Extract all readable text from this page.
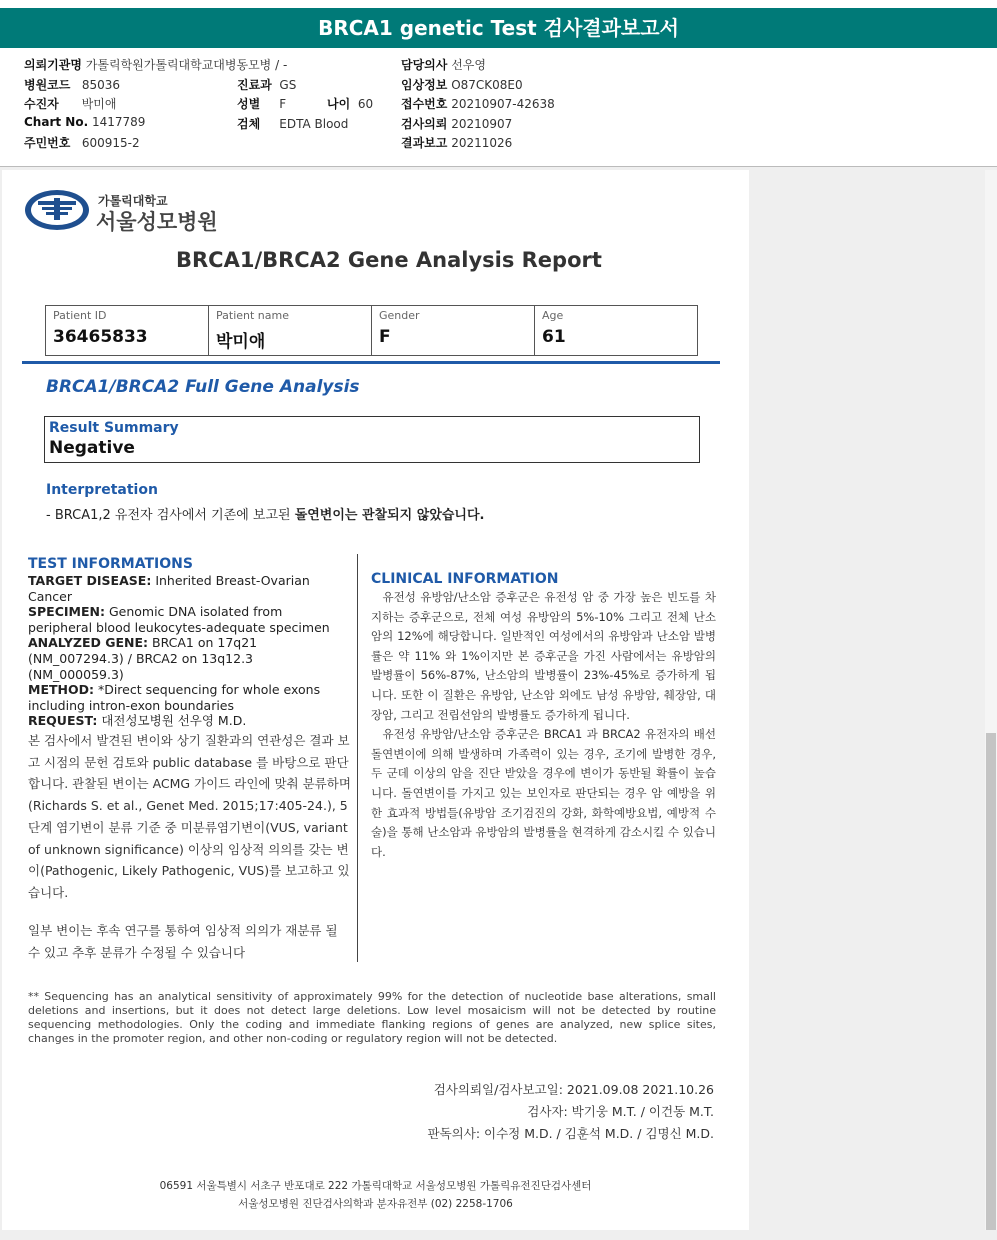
BRCA1 genetic Test 검사결과보고서
의뢰기관명 가톨릭학원가톨릭대학교대병동모병 / -
병원코드 85036
수진자 박미애
Chart No. 1417789
주민번호 600915-2
진료과 GS
성별 F	나이 60
검체 EDTA Blood
담당의사 선우영
임상정보 O87CK08E0
접수번호 20210907-42638
검사의뢰 20210907
결과보고 20211026
가톨릭대학교
서울성모병원
BRCA1/BRCA2 Gene Analysis Report
Patient ID
36465833
Patient name
박미애
Gender
F
Age
61
BRCA1/BRCA2 Full Gene Analysis
Result Summary
Negative
Interpretation
- BRCA1,2 유전자 검사에서 기존에 보고된 돌연변이는 관찰되지 않았습니다.
TEST INFORMATIONS
TARGET DISEASE: Inherited Breast-Ovarian Cancer
SPECIMEN: Genomic DNA isolated from peripheral blood leukocytes-adequate specimen
ANALYZED GENE: BRCA1 on 17q21 (NM_007294.3) / BRCA2 on 13q12.3 (NM_000059.3)
METHOD: *Direct sequencing for whole exons including intron-exon boundaries
REQUEST: 대전성모병원 선우영 M.D.
본 검사에서 발견된 변이와 상기 질환과의 연관성은 결과 보고 시점의 문헌 검토와 public database 를 바탕으로 판단합니다. 관찰된 변이는 ACMG 가이드 라인에 맞춰 분류하며(Richards S. et al., Genet Med. 2015;17:405-24.), 5 단계 염기변이 분류 기준 중 미분류염기변이(VUS, variant of unknown significance) 이상의 임상적 의의를 갖는 변이(Pathogenic, Likely Pathogenic, VUS)를 보고하고 있습니다.
일부 변이는 후속 연구를 통하여 임상적 의의가 재분류 될 수 있고 추후 분류가 수정될 수 있습니다
CLINICAL INFORMATION
유전성 유방암/난소암 증후군은 유전성 암 중 가장 높은 빈도를 차지하는 증후군으로, 전체 여성 유방암의 5%-10% 그리고 전체 난소암의 12%에 해당합니다. 일반적인 여성에서의 유방암과 난소암 발병률은 약 11% 와 1%이지만 본 증후군을 가진 사람에서는 유방암의 발병률이 56%-87%, 난소암의 발병률이 23%-45%로 증가하게 됩니다. 또한 이 질환은 유방암, 난소암 외에도 남성 유방암, 췌장암, 대장암, 그리고 전립선암의 발병률도 증가하게 됩니다.
유전성 유방암/난소암 증후군은 BRCA1 과 BRCA2 유전자의 배선 돌연변이에 의해 발생하며 가족력이 있는 경우, 조기에 발병한 경우, 두 군데 이상의 암을 진단 받았을 경우에 변이가 동반될 확률이 높습니다. 돌연변이를 가지고 있는 보인자로 판단되는 경우 암 예방을 위한 효과적 방법들(유방암 조기검진의 강화, 화학예방요법, 예방적 수술)을 통해 난소암과 유방암의 발병률을 현격하게 감소시킬 수 있습니다.
** Sequencing has an analytical sensitivity of approximately 99% for the detection of nucleotide base alterations, small deletions and insertions, but it does not detect large deletions. Low level mosaicism will not be detected by routine sequencing methodologies. Only the coding and immediate flanking regions of genes are analyzed, new splice sites, changes in the promoter region, and other non-coding or regulatory region will not be detected.
검사의뢰일/검사보고일: 2021.09.08 2021.10.26
검사자: 박기웅 M.T. / 이건동 M.T.
판독의사: 이수정 M.D. / 김훈석 M.D. / 김명신 M.D.
06591 서울특별시 서초구 반포대로 222 가톨릭대학교 서울성모병원 가톨릭유전진단검사센터
서울성모병원 진단검사의학과 분자유전부 (02) 2258-1706
